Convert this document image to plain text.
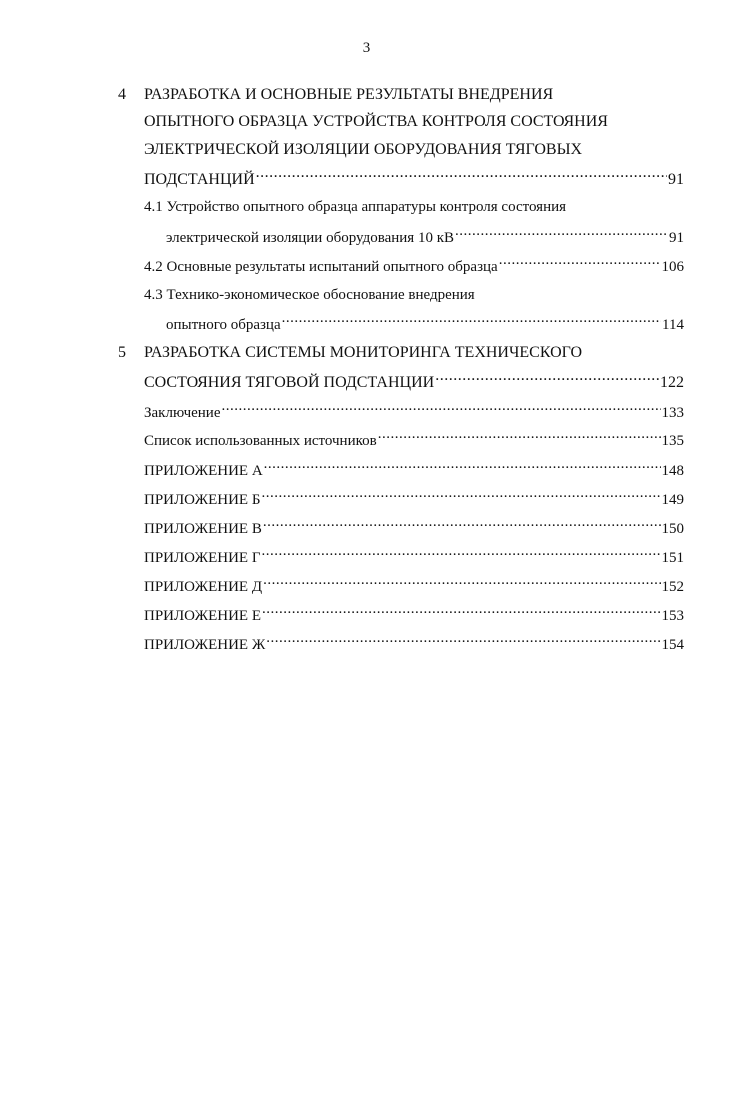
3
4	РАЗРАБОТКА И ОСНОВНЫЕ РЕЗУЛЬТАТЫ ВНЕДРЕНИЯ
ОПЫТНОГО ОБРАЗЦА УСТРОЙСТВА КОНТРОЛЯ СОСТОЯНИЯ
ЭЛЕКТРИЧЕСКОЙ ИЗОЛЯЦИИ ОБОРУДОВАНИЯ ТЯГОВЫХ
ПОДСТАНЦИЙ .....	91
4.1 Устройство опытного образца аппаратуры контроля состояния
электрической изоляции оборудования 10 кВ .....	91
4.2 Основные результаты испытаний опытного образца .....	106
4.3 Технико-экономическое обоснование внедрения
опытного образца .....	114
5	РАЗРАБОТКА СИСТЕМЫ МОНИТОРИНГА ТЕХНИЧЕСКОГО
СОСТОЯНИЯ ТЯГОВОЙ ПОДСТАНЦИИ .....	122
Заключение .....	133
Список использованных источников .....	135
ПРИЛОЖЕНИЕ А .....	148
ПРИЛОЖЕНИЕ Б .....	149
ПРИЛОЖЕНИЕ В .....	150
ПРИЛОЖЕНИЕ Г .....	151
ПРИЛОЖЕНИЕ Д .....	152
ПРИЛОЖЕНИЕ Е .....	153
ПРИЛОЖЕНИЕ Ж .....	154
